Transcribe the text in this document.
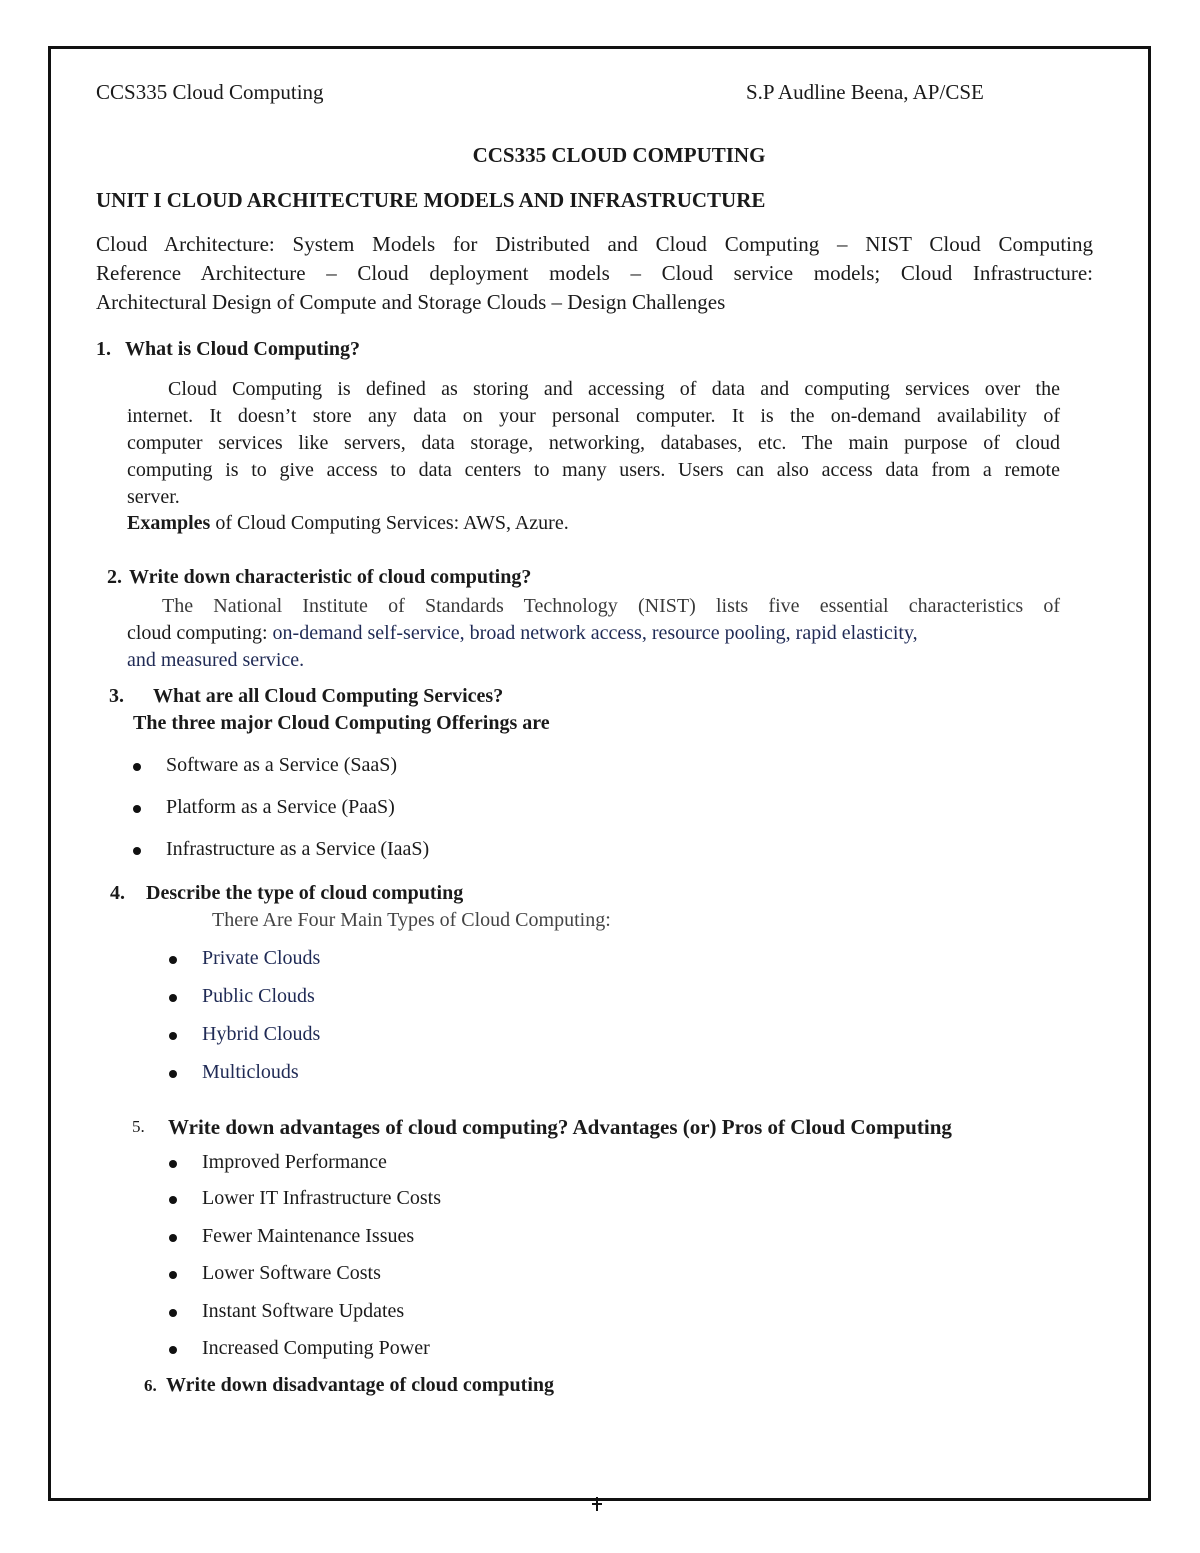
CCS335 Cloud Computing	S.P Audline Beena, AP/CSE
CCS335 CLOUD COMPUTING
UNIT I CLOUD ARCHITECTURE MODELS AND INFRASTRUCTURE
Cloud Architecture: System Models for Distributed and Cloud Computing – NIST Cloud Computing
Reference Architecture – Cloud deployment models – Cloud service models; Cloud Infrastructure:
Architectural Design of Compute and Storage Clouds – Design Challenges
1. What is Cloud Computing?
Cloud Computing is defined as storing and accessing of data and computing services over the
internet. It doesn’t store any data on your personal computer. It is the on-demand availability of
computer services like servers, data storage, networking, databases, etc. The main purpose of cloud
computing is to give access to data centers to many users. Users can also access data from a remote
server.
Examples of Cloud Computing Services: AWS, Azure.
2. Write down characteristic of cloud computing?
The National Institute of Standards Technology (NIST) lists five essential characteristics of
cloud computing: on-demand self-service, broad network access, resource pooling, rapid elasticity,
and measured service.
3. What are all Cloud Computing Services?
The three major Cloud Computing Offerings are
Software as a Service (SaaS)
Platform as a Service (PaaS)
Infrastructure as a Service (IaaS)
4. Describe the type of cloud computing
There Are Four Main Types of Cloud Computing:
Private Clouds
Public Clouds
Hybrid Clouds
Multiclouds
5. Write down advantages of cloud computing? Advantages (or) Pros of Cloud Computing
Improved Performance
Lower IT Infrastructure Costs
Fewer Maintenance Issues
Lower Software Costs
Instant Software Updates
Increased Computing Power
6. Write down disadvantage of cloud computing
